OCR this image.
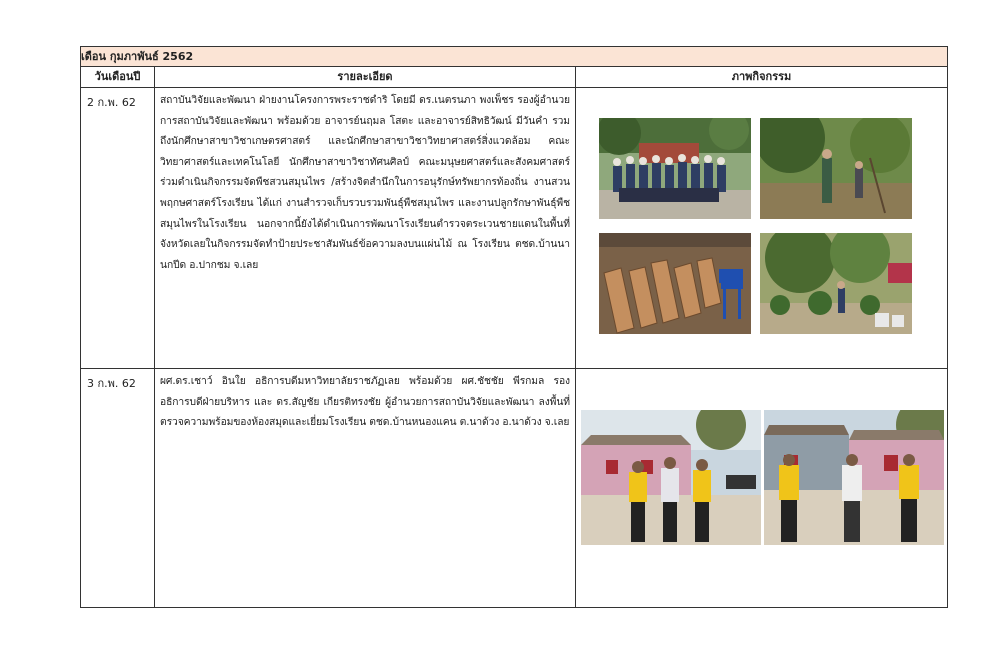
เดือน กุมภาพันธ์ 2562		
วันเดือนปี	รายละเอียด	ภาพกิจกรรม
2 ก.พ. 62	สถาบันวิจัยและพัฒนา ฝ่ายงานโครงการพระราชดำริ โดยมี ดร.เนตรนภา พงเพ็ชร รองผู้อำนวยการสถาบันวิจัยและพัฒนา พร้อมด้วย อาจารย์นฤมล โสตะ และอาจารย์สิทธิวัฒน์ มีวันคำ รวมถึงนักศึกษาสาขาวิชาเกษตรศาสตร์ และนักศึกษาสาขาวิชาวิทยาศาสตร์สิ่งแวดล้อม คณะวิทยาศาสตร์และเทคโนโลยี นักศึกษาสาขาวิชาทัศนศิลป์ คณะมนุษยศาสตร์และสังคมศาสตร์ ร่วมดำเนินกิจกรรมจัดพืชสวนสมุนไพร /สร้างจิตสำนึกในการอนุรักษ์ทรัพยากรท้องถิ่น งานสวนพฤกษศาสตร์โรงเรียน ได้แก่ งานสำรวจเก็บรวบรวมพันธุ์พืชสมุนไพร และงานปลูกรักษาพันธุ์พืชสมุนไพรในโรงเรียน นอกจากนี้ยังได้ดำเนินการพัฒนาโรงเรียนตำรวจตระเวนชายแดนในพื้นที่จังหวัดเลยในกิจกรรมจัดทำป้ายประชาสัมพันธ์ข้อความลงบนแผ่นไม้ ณ โรงเรียน ตชด.บ้านนานกปีด อ.ปากชม จ.เลย	

3 ก.พ. 62	ผศ.ดร.เชาว์ อินใย อธิการบดีมหาวิทยาลัยราชภัฏเลย พร้อมด้วย ผศ.ชัชชัย พีรกมล รองอธิการบดีฝ่ายบริหาร และ ดร.สัญชัย เกียรติทรงชัย ผู้อำนวยการสถาบันวิจัยและพัฒนา ลงพื้นที่ตรวจความพร้อมของห้องสมุดและเยี่ยมโรงเรียน ตชด.บ้านหนองแคน ต.นาด้วง อ.นาด้วง จ.เลย	
